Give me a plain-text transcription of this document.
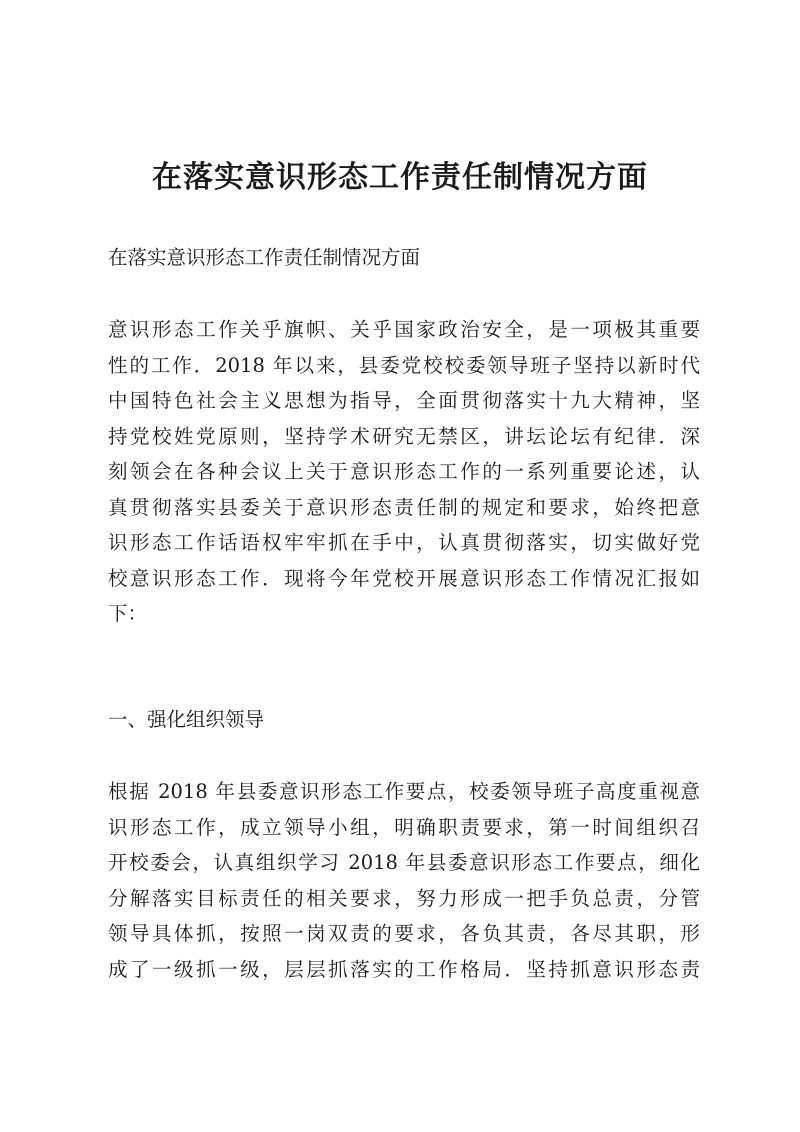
在落实意识形态工作责任制情况方面

在落实意识形态工作责任制情况方面

意识形态工作关乎旗帜、关乎国家政治安全，是一项极其重要
性的工作．2018 年以来，县委党校校委领导班子坚持以新时代
中国特色社会主义思想为指导，全面贯彻落实十九大精神，坚
持党校姓党原则，坚持学术研究无禁区，讲坛论坛有纪律．深
刻领会在各种会议上关于意识形态工作的一系列重要论述，认
真贯彻落实县委关于意识形态责任制的规定和要求，始终把意
识形态工作话语权牢牢抓在手中，认真贯彻落实，切实做好党
校意识形态工作．现将今年党校开展意识形态工作情况汇报如
下：

一、强化组织领导

根据 2018 年县委意识形态工作要点，校委领导班子高度重视意
识形态工作，成立领导小组，明确职责要求，第一时间组织召
开校委会，认真组织学习 2018 年县委意识形态工作要点，细化
分解落实目标责任的相关要求，努力形成一把手负总责，分管
领导具体抓，按照一岗双责的要求，各负其责，各尽其职，形
成了一级抓一级，层层抓落实的工作格局．坚持抓意识形态责
